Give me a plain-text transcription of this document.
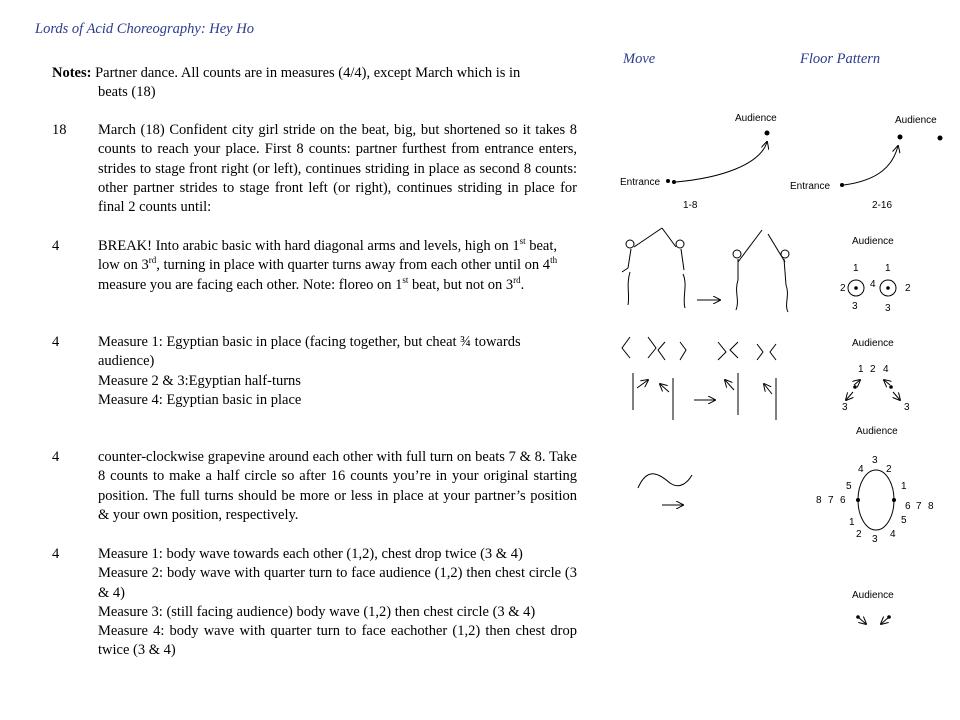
Lords of Acid Choreography: Hey Ho
Move	Floor Pattern
Notes: Partner dance. All counts are in measures (4/4), except March which is in
beats (18)
18	March (18) Confident city girl stride on the beat, big, but shortened so it takes 8 counts to reach your place. First 8 counts: partner furthest from entrance enters, strides to stage front right (or left), continues striding in place as second 8 counts: other partner strides to stage front left (or right), continues striding in place for final 2 counts until:

4	BREAK! Into arabic basic with hard diagonal arms and levels, high on 1st beat, low on 3rd, turning in place with quarter turns away from each other until on 4th measure you are facing each other. Note: floreo on 1st beat, but not on 3rd.

4	Measure 1: Egyptian basic in place (facing together, but cheat ¾ towards audience)

Measure 2 & 3:Egyptian half-turns

Measure 4: Egyptian basic in place

4	counter-clockwise grapevine around each other with full turn on beats 7 & 8. Take 8 counts to make a half circle so after 16 counts you’re in your original starting position. The full turns should be more or less in place at your partner’s position & your own position, respectively.

4	Measure 1: body wave towards each other (1,2), chest drop twice (3 & 4)

Measure 2: body wave with quarter turn to face audience (1,2) then chest circle (3 & 4)

Measure 3: (still facing audience) body wave (1,2) then chest circle (3 & 4)

Measure 4: body wave with quarter turn to face eachother (1,2) then chest drop twice (3 & 4)

Audience
Entrance
1-8
Audience
Entrance
2-16
Audience
1	1
2 4	2
3	3
Audience
1 2 4
3	3
Audience
3
4 2
5	1
8 7 6
6 7 8
1	5
2 3 4
Audience
